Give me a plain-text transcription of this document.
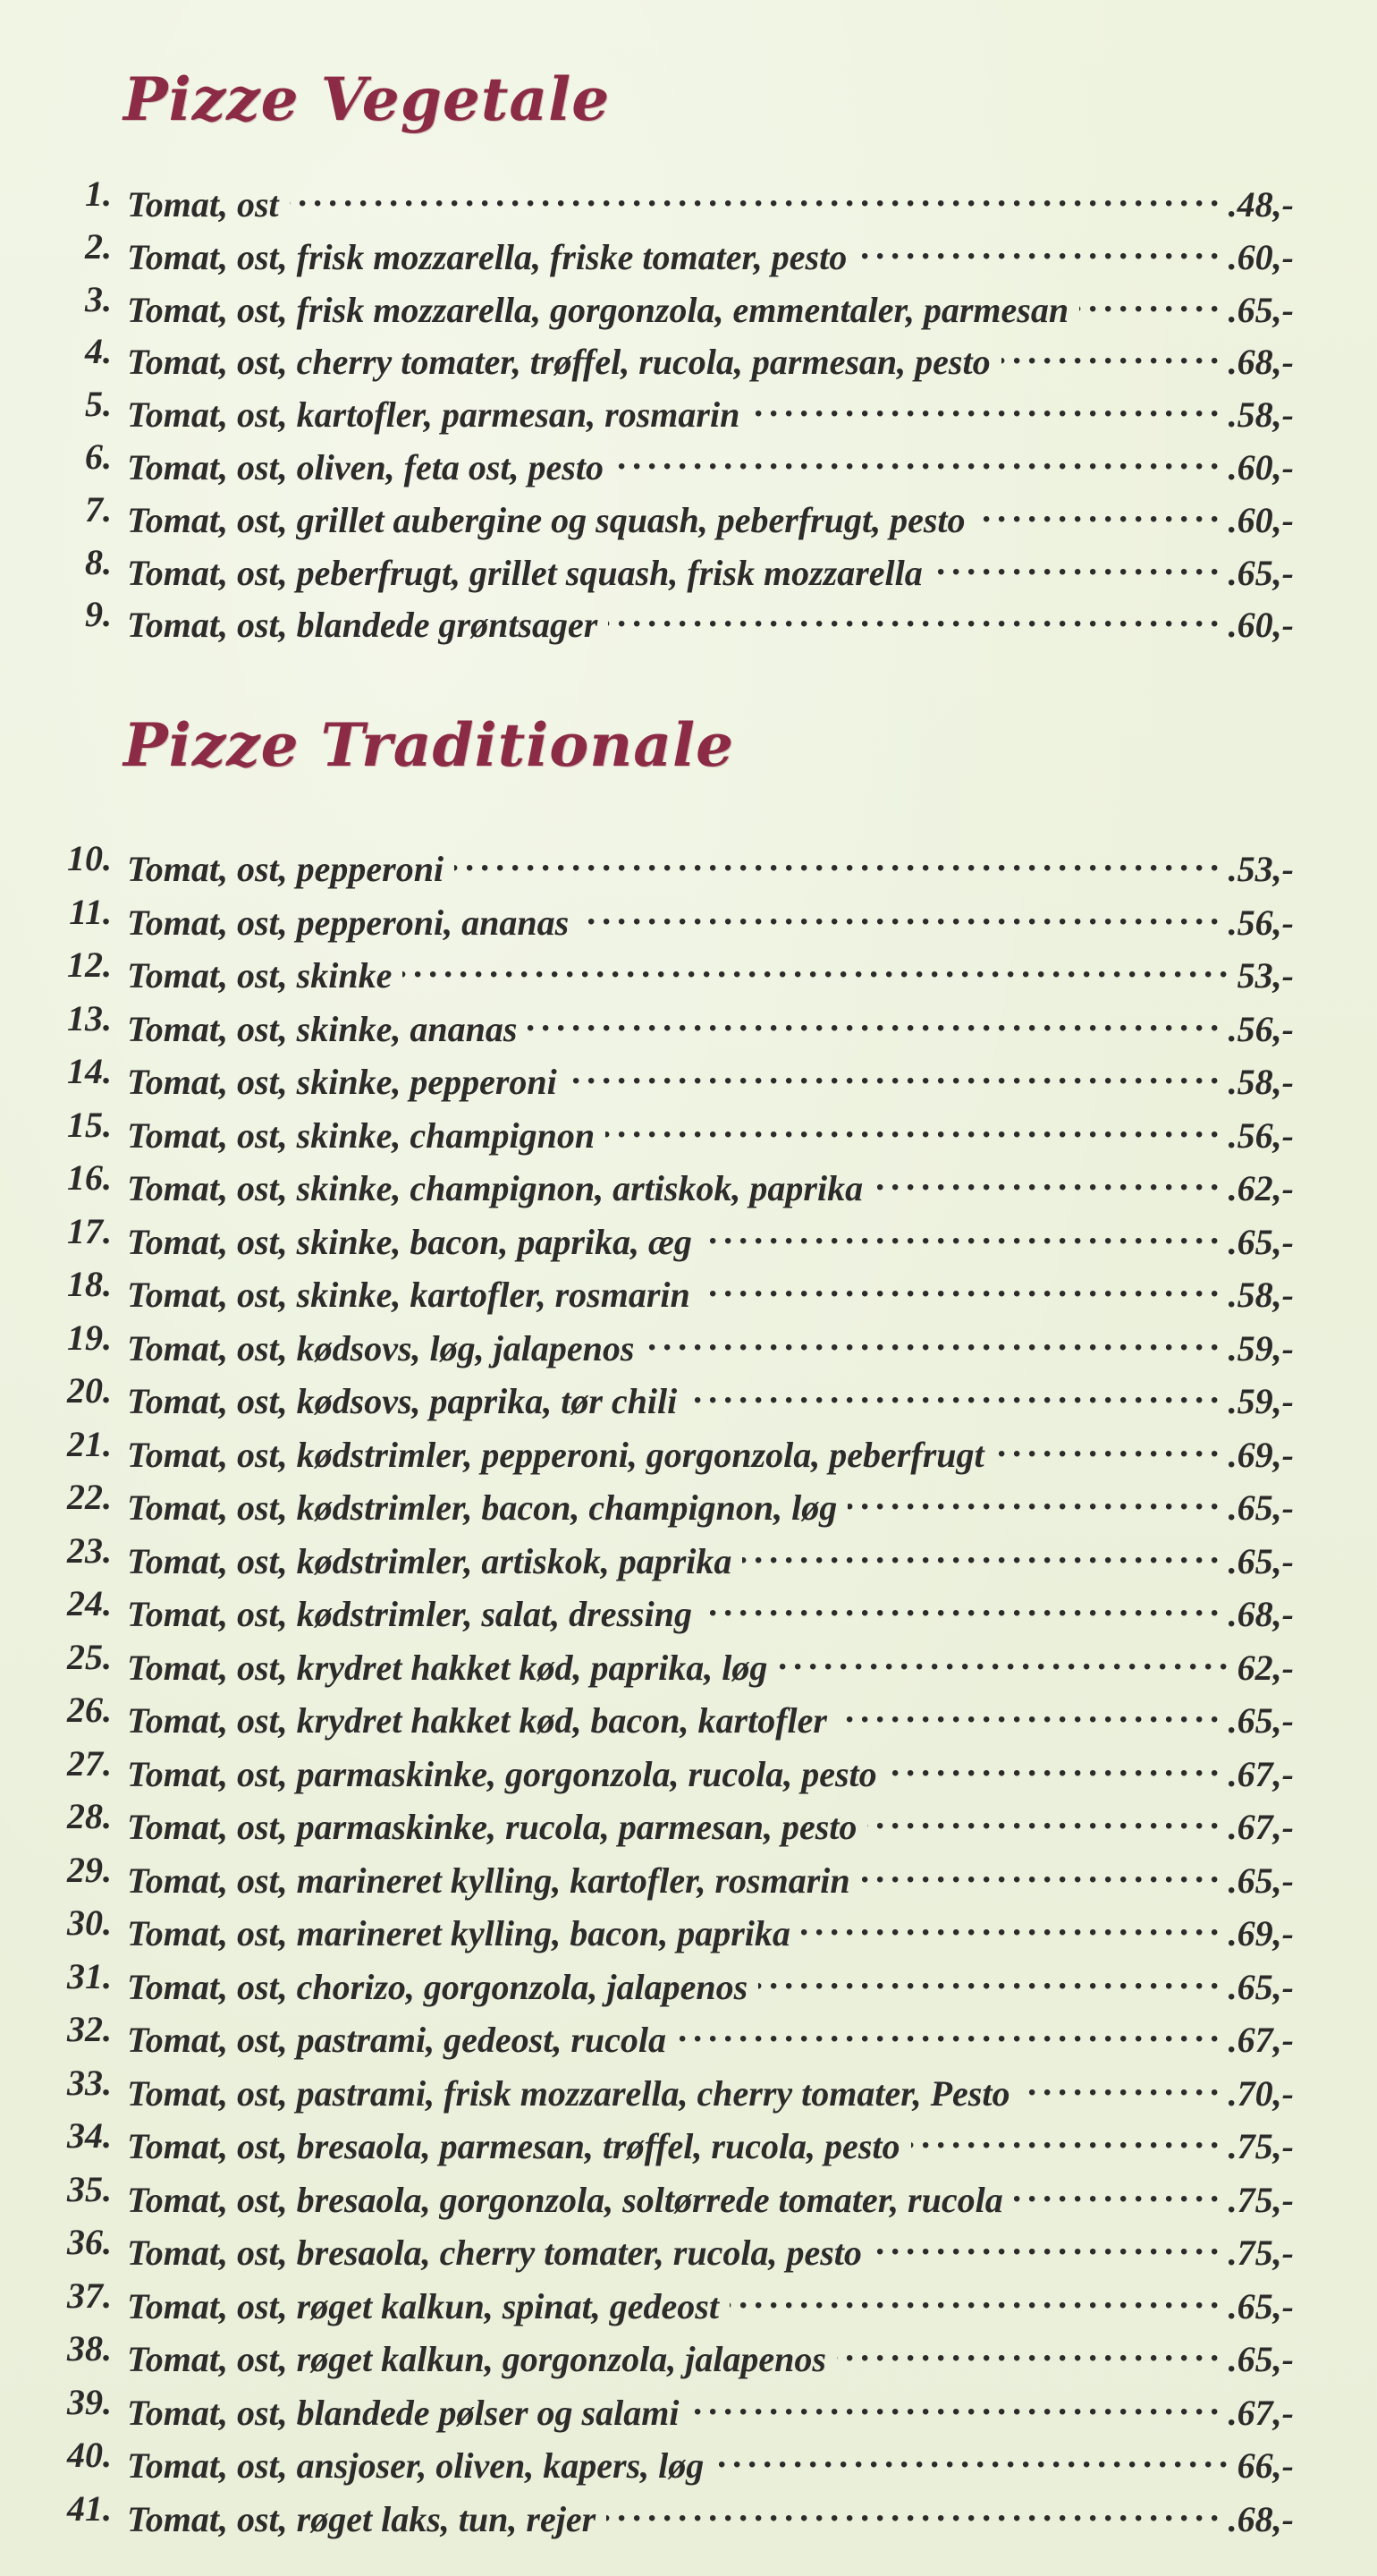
Pizze Vegetale
1. Tomat, ost .....	.48,-
2. Tomat, ost, frisk mozzarella, friske tomater, pesto .....	.60,-
3. Tomat, ost, frisk mozzarella, gorgonzola, emmentaler, parmesan .....	.65,-
4. Tomat, ost, cherry tomater, trøffel, rucola, parmesan, pesto .....	.68,-
5. Tomat, ost, kartofler, parmesan, rosmarin .....	.58,-
6. Tomat, ost, oliven, feta ost, pesto .....	.60,-
7. Tomat, ost, grillet aubergine og squash, peberfrugt, pesto .....	.60,-
8. Tomat, ost, peberfrugt, grillet squash, frisk mozzarella .....	.65,-
9. Tomat, ost, blandede grøntsager .....	.60,-
Pizze Traditionale
10. Tomat, ost, pepperoni .....	.53,-
11. Tomat, ost, pepperoni, ananas .....	.56,-
12. Tomat, ost, skinke .....	53,-
13. Tomat, ost, skinke, ananas .....	.56,-
14. Tomat, ost, skinke, pepperoni .....	.58,-
15. Tomat, ost, skinke, champignon .....	.56,-
16. Tomat, ost, skinke, champignon, artiskok, paprika .....	.62,-
17. Tomat, ost, skinke, bacon, paprika, æg .....	.65,-
18. Tomat, ost, skinke, kartofler, rosmarin .....	.58,-
19. Tomat, ost, kødsovs, løg, jalapenos .....	.59,-
20. Tomat, ost, kødsovs, paprika, tør chili .....	.59,-
21. Tomat, ost, kødstrimler, pepperoni, gorgonzola, peberfrugt .....	.69,-
22. Tomat, ost, kødstrimler, bacon, champignon, løg .....	.65,-
23. Tomat, ost, kødstrimler, artiskok, paprika .....	.65,-
24. Tomat, ost, kødstrimler, salat, dressing .....	.68,-
25. Tomat, ost, krydret hakket kød, paprika, løg .....	62,-
26. Tomat, ost, krydret hakket kød, bacon, kartofler .....	.65,-
27. Tomat, ost, parmaskinke, gorgonzola, rucola, pesto .....	.67,-
28. Tomat, ost, parmaskinke, rucola, parmesan, pesto .....	.67,-
29. Tomat, ost, marineret kylling, kartofler, rosmarin .....	.65,-
30. Tomat, ost, marineret kylling, bacon, paprika .....	.69,-
31. Tomat, ost, chorizo, gorgonzola, jalapenos .....	.65,-
32. Tomat, ost, pastrami, gedeost, rucola .....	.67,-
33. Tomat, ost, pastrami, frisk mozzarella, cherry tomater, Pesto .....	.70,-
34. Tomat, ost, bresaola, parmesan, trøffel, rucola, pesto .....	.75,-
35. Tomat, ost, bresaola, gorgonzola, soltørrede tomater, rucola .....	.75,-
36. Tomat, ost, bresaola, cherry tomater, rucola, pesto .....	.75,-
37. Tomat, ost, røget kalkun, spinat, gedeost .....	.65,-
38. Tomat, ost, røget kalkun, gorgonzola, jalapenos .....	.65,-
39. Tomat, ost, blandede pølser og salami .....	.67,-
40. Tomat, ost, ansjoser, oliven, kapers, løg .....	66,-
41. Tomat, ost, røget laks, tun, rejer .....	.68,-
